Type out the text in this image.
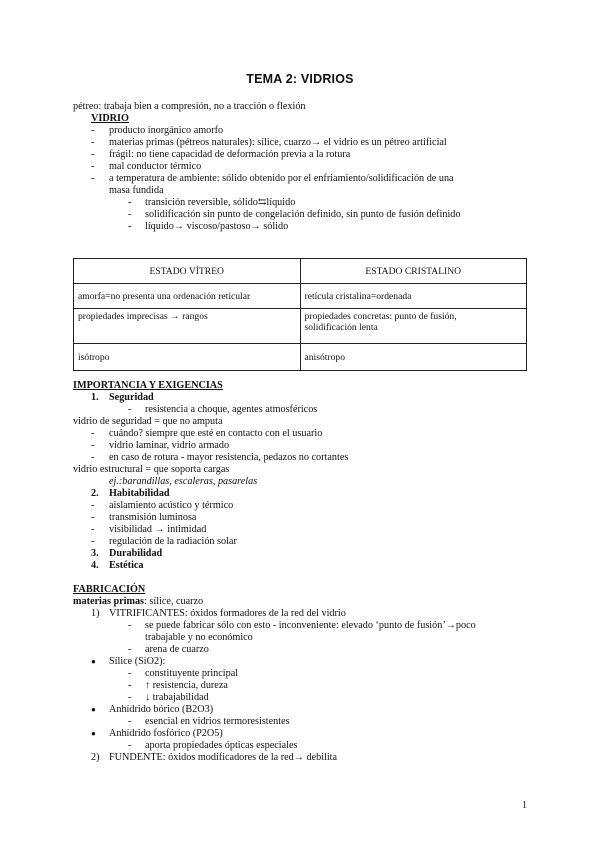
TEMA 2: VIDRIOS
pétreo: trabaja bien a compresión, no a tracción o flexión
VIDRIO
- producto inorgánico amorfo
- materias primas (pétreos naturales): sílice, cuarzo→ el vidrio es un pétreo artificial
- frágil: no tiene capacidad de deformación previa a la rotura
- mal conductor térmico
- a temperatura de ambiente: sólido obtenido por el enfriamiento/solidificación de una
masa fundida
- transición reversible, sólido⇆líquido
- solidificación sin punto de congelación definido, sin punto de fusión definido
- líquido→ viscoso/pastoso→ sólido
ESTADO VÍTREO	ESTADO CRISTALINO
amorfa=no presenta una ordenación reticular	retícula cristalina=ordenada
propiedades imprecisas → rangos	propiedades concretas: punto de fusión,
solidificación lenta
isótropo	anisótropo
IMPORTANCIA Y EXIGENCIAS
1. Seguridad
- resistencia a choque, agentes atmosféricos
vidrio de seguridad = que no amputa
- cuándo? siempre que esté en contacto con el usuario
- vidrio laminar, vidrio armado
- en caso de rotura - mayor resistencia, pedazos no cortantes
vidrio estructural = que soporta cargas
ej.:barandillas, escaleras, pasarelas
2. Habitabilidad
- aislamiento acústico y térmico
- transmisión luminosa
- visibilidad → intimidad
- regulación de la radiación solar
3. Durabilidad
4. Estética
FABRICACIÓN
materias primas: sílice, cuarzo
1) VITRIFICANTES: óxidos formadores de la red del vidrio
- se puede fabricar sólo con esto - inconveniente: elevado ‘punto de fusión’→poco
trabajable y no económico
- arena de cuarzo
● Sílice (SiO2):
- constituyente principal
- ↑ resistencia, dureza
- ↓ trabajabilidad
● Anhídrido bórico (B2O3)
- esencial en vidrios termoresistentes
● Anhídrido fosfórico (P2O5)
- aporta propiedades ópticas especiales
2) FUNDENTE: óxidos modificadores de la red→ debilita
1
